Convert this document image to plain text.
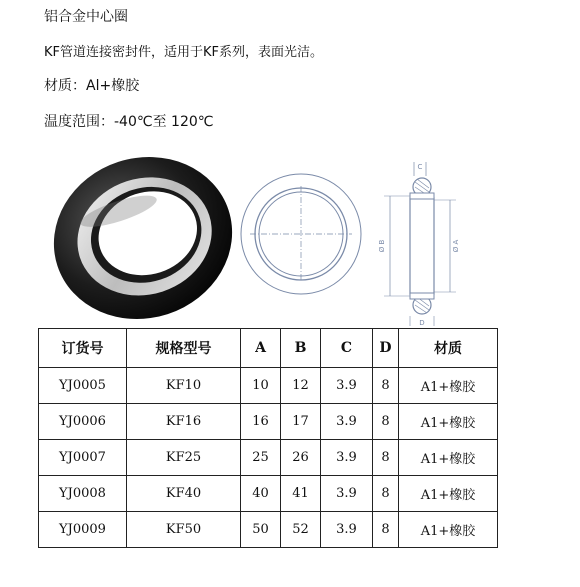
铝合金中心圈
KF管道连接密封件，适用于KF系列，表面光洁。
材质：Al+橡胶
温度范围：-40℃至 120℃
C
Ø B	Ø A
D
订货号	规格型号	A	B	C	D	材质
YJ0005	KF10	10	12	3.9	8	A1+橡胶
YJ0006	KF16	16	17	3.9	8	A1+橡胶
YJ0007	KF25	25	26	3.9	8	A1+橡胶
YJ0008	KF40	40	41	3.9	8	A1+橡胶
YJ0009	KF50	50	52	3.9	8	A1+橡胶
